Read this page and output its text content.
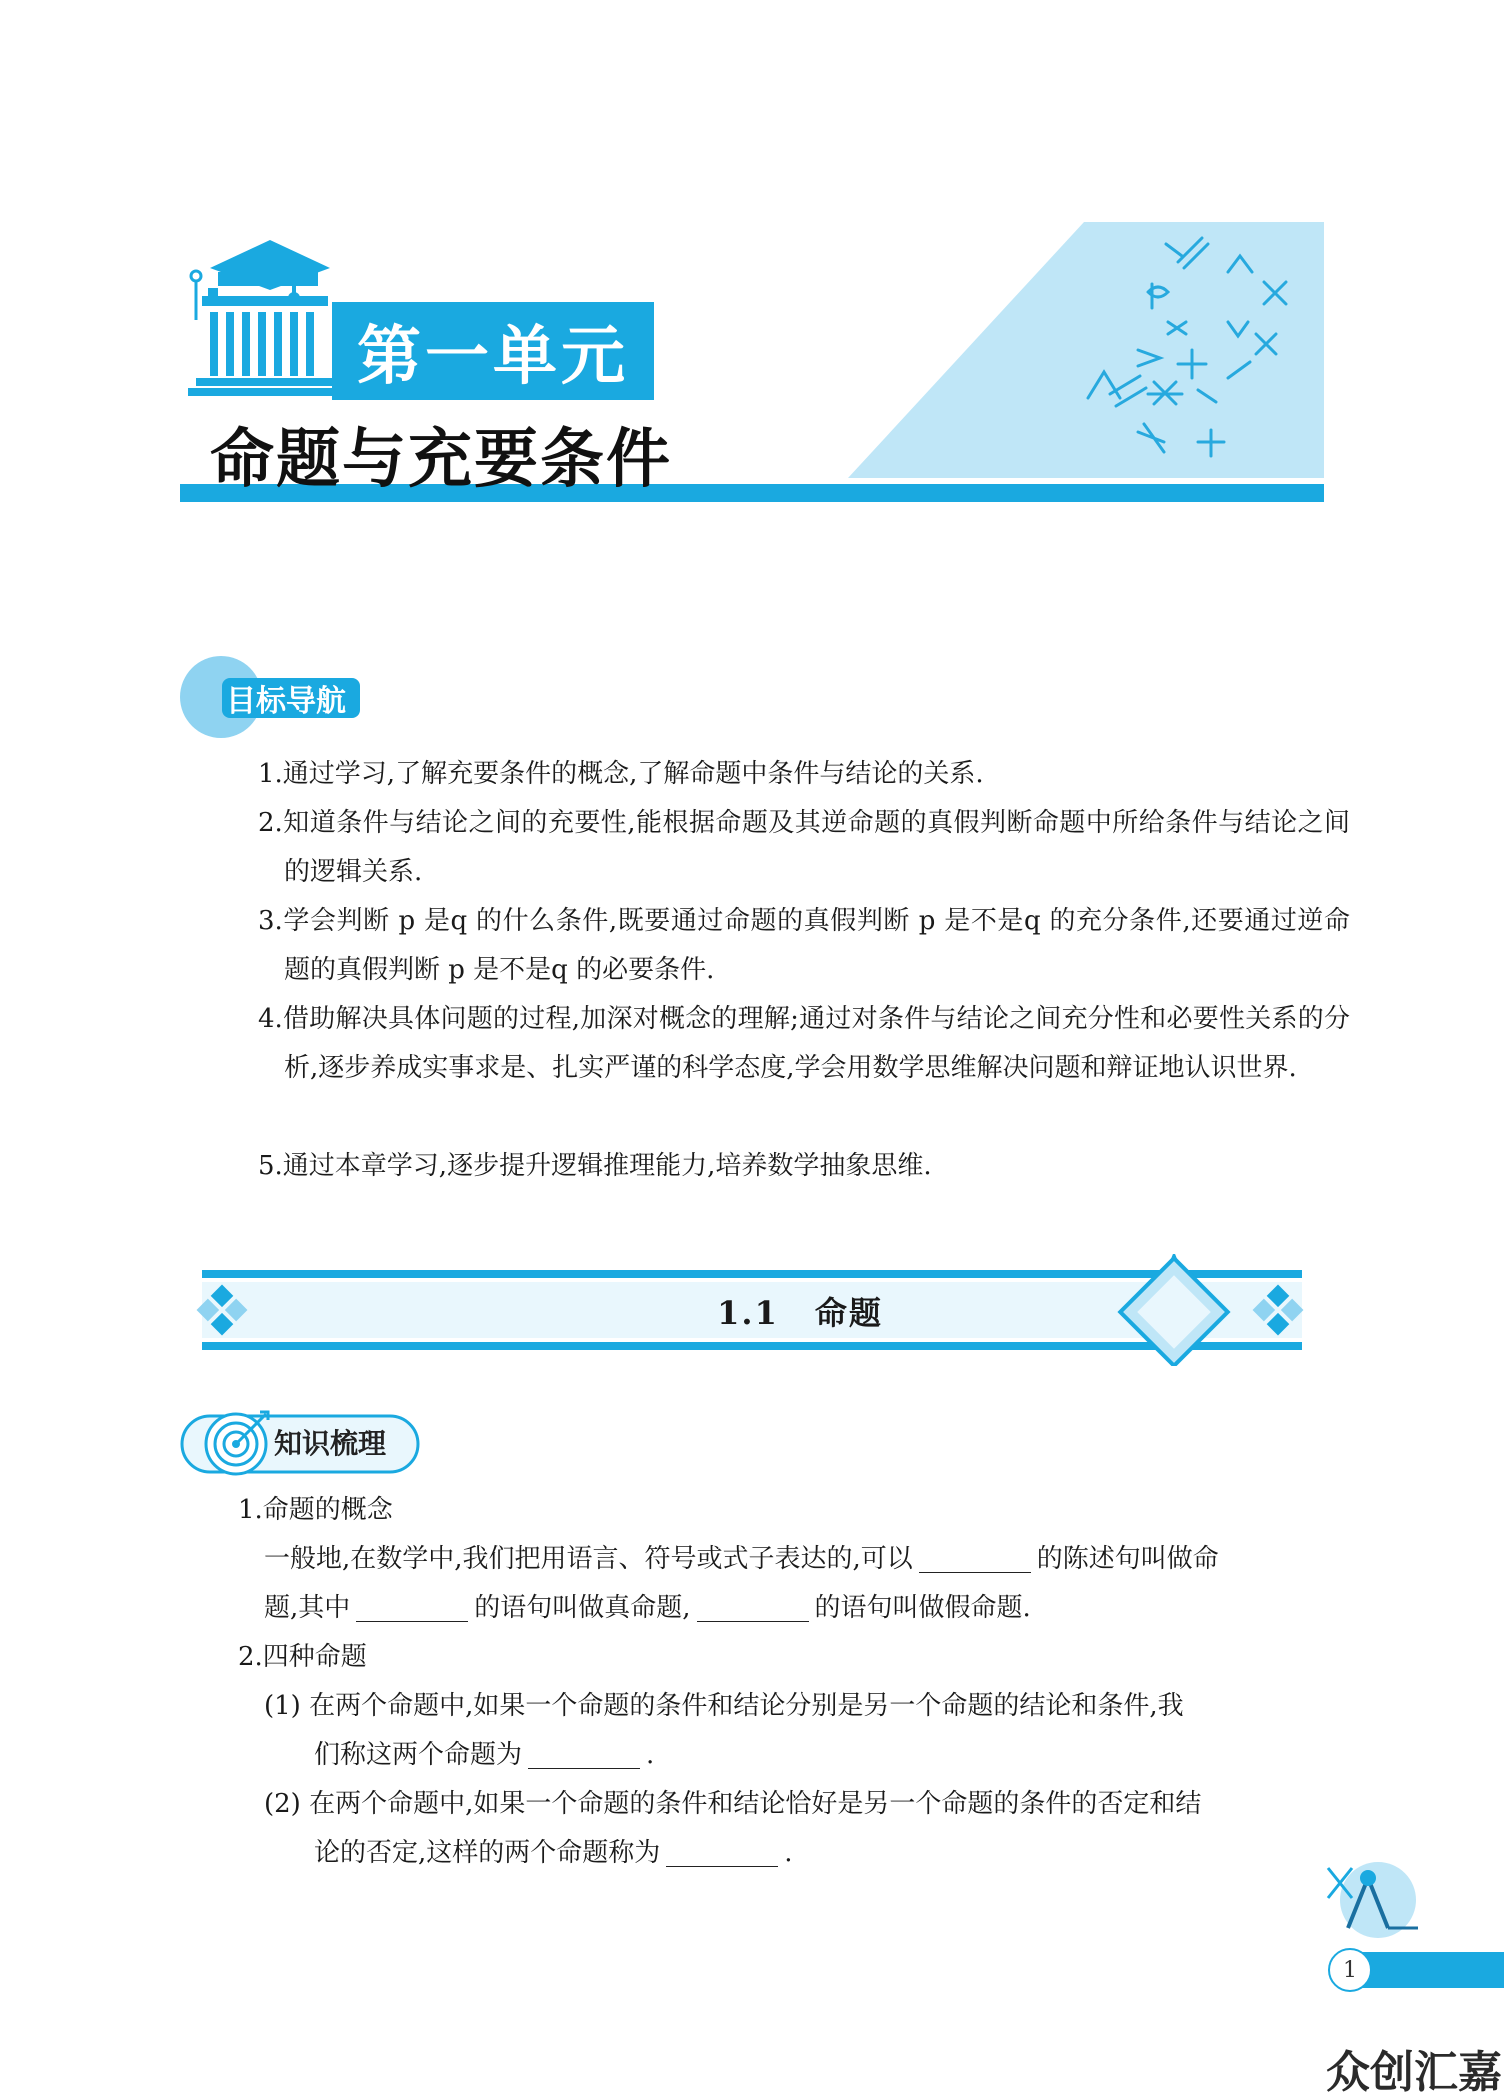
第一单元
命题与充要条件
目标导航
1.通过学习,了解充要条件的概念,了解命题中条件与结论的关系.
2.知道条件与结论之间的充要性,能根据命题及其逆命题的真假判断命题中所给条件与结论之间的逻辑关系.
3.学会判断 p 是q 的什么条件,既要通过命题的真假判断 p 是不是q 的充分条件,还要通过逆命题的真假判断 p 是不是q 的必要条件.
4.借助解决具体问题的过程,加深对概念的理解;通过对条件与结论之间充分性和必要性关系的分析,逐步养成实事求是、扎实严谨的科学态度,学会用数学思维解决问题和辩证地认识世界.
5.通过本章学习,逐步提升逻辑推理能力,培养数学抽象思维.
1.1 命题
知识梳理
1.命题的概念
一般地,在数学中,我们把用语言、符号或式子表达的,可以	的陈述句叫做命
题,其中	的语句叫做真命题,	的语句叫做假命题.
2.四种命题
(1) 在两个命题中,如果一个命题的条件和结论分别是另一个命题的结论和条件,我
们称这两个命题为	.
(2) 在两个命题中,如果一个命题的条件和结论恰好是另一个命题的条件的否定和结
论的否定,这样的两个命题称为	.
1
众创汇嘉
